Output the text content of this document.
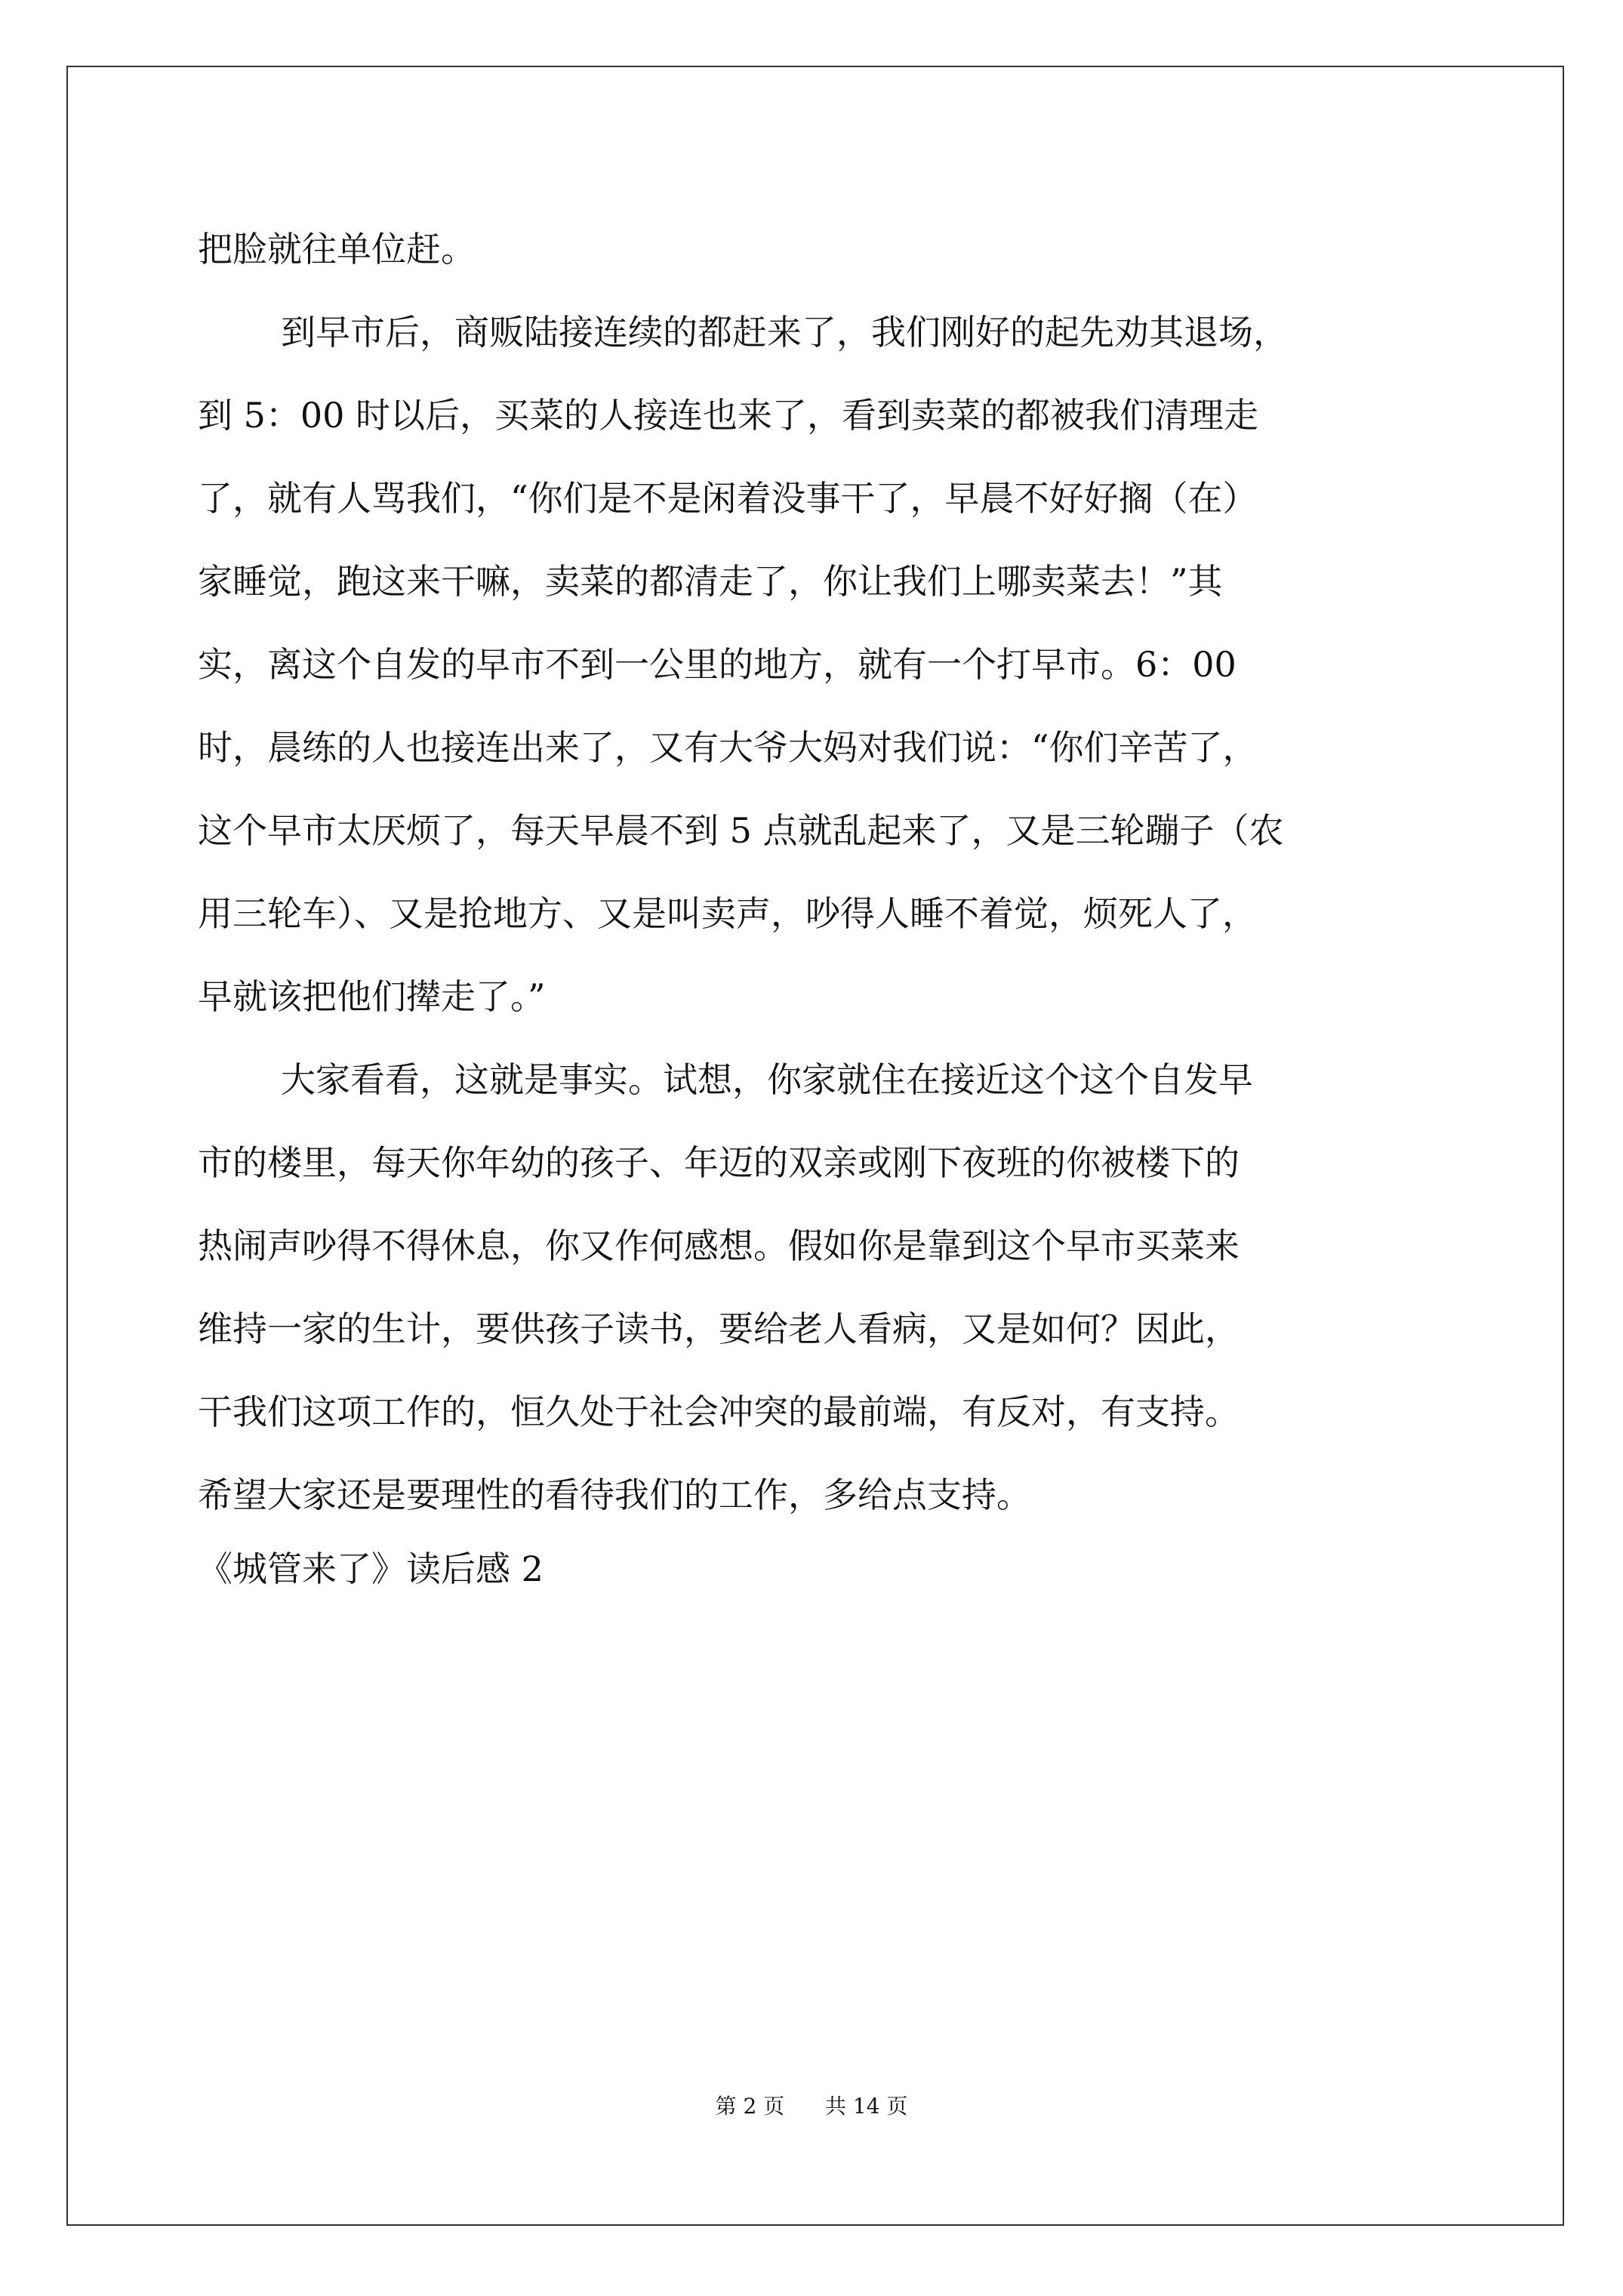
把脸就往单位赶。

到早市后，商贩陆接连续的都赶来了，我们刚好的起先劝其退场，

到 5：00 时以后，买菜的人接连也来了，看到卖菜的都被我们清理走

了，就有人骂我们，“你们是不是闲着没事干了，早晨不好好搁（在）

家睡觉，跑这来干嘛，卖菜的都清走了，你让我们上哪卖菜去！”其

实，离这个自发的早市不到一公里的地方，就有一个打早市。6：00

时，晨练的人也接连出来了，又有大爷大妈对我们说：“你们辛苦了，

这个早市太厌烦了，每天早晨不到 5 点就乱起来了，又是三轮蹦子（农

用三轮车）、又是抢地方、又是叫卖声，吵得人睡不着觉，烦死人了，

早就该把他们撵走了。”

大家看看，这就是事实。试想，你家就住在接近这个这个自发早

市的楼里，每天你年幼的孩子、年迈的双亲或刚下夜班的你被楼下的

热闹声吵得不得休息，你又作何感想。假如你是靠到这个早市买菜来

维持一家的生计，要供孩子读书，要给老人看病，又是如何？因此，

干我们这项工作的，恒久处于社会冲突的最前端，有反对，有支持。

希望大家还是要理性的看待我们的工作，多给点支持。

《城管来了》读后感 2
第 2 页 共 14 页
